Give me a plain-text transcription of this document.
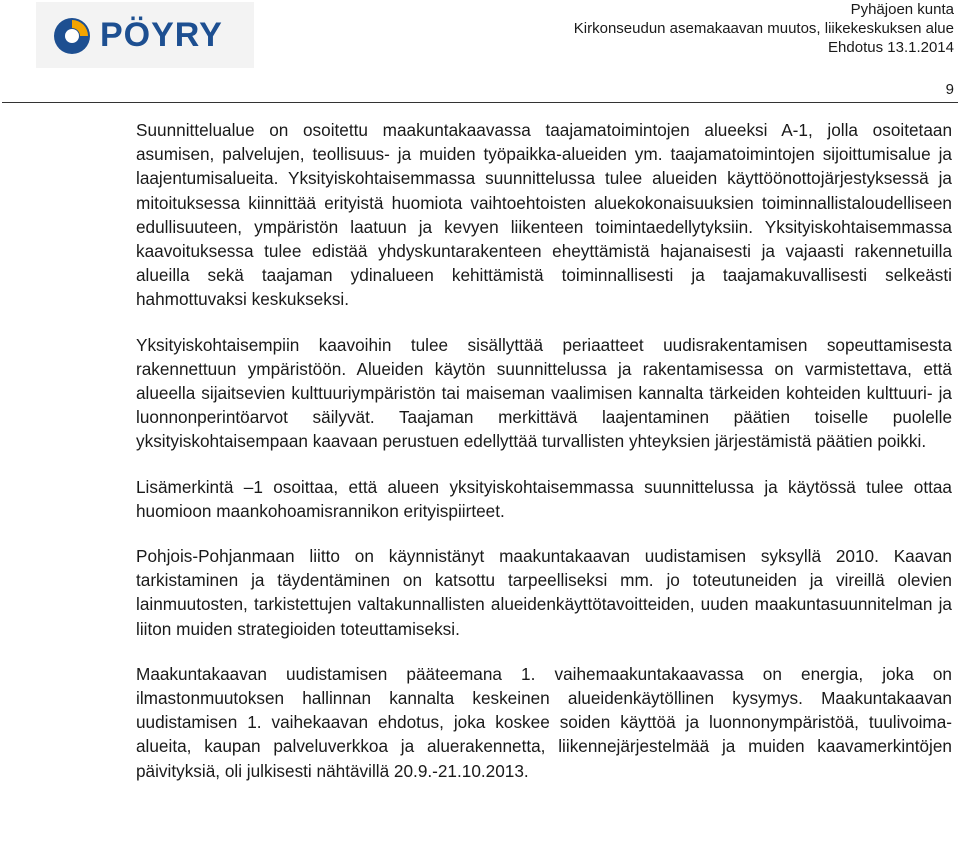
PÖYRY
Pyhäjoen kunta
Kirkonseudun asemakaavan muutos, liikekeskuksen alue
Ehdotus 13.1.2014
9

Suunnittelualue on osoitettu maakuntakaavassa taajamatoimintojen alueeksi A-1, jolla osoitetaan asumisen, palvelujen, teollisuus- ja muiden työpaikka-alueiden ym. taajamatoimintojen sijoittumisalue ja laajentumisalueita. Yksityiskohtaisemmassa suunnittelussa tulee alueiden käyttöönottojärjestyksessä ja mitoituksessa kiinnittää erityistä huomiota vaihtoehtoisten aluekokonaisuuksien toiminnallistaloudelliseen edullisuuteen, ympäristön laatuun ja kevyen liikenteen toimintaedellytyksiin. Yksityiskohtaisemmassa kaavoituksessa tulee edistää yhdyskuntarakenteen eheyttämistä hajanaisesti ja vajaasti rakennetuilla alueilla sekä taajaman ydinalueen kehittämistä toiminnallisesti ja taajamakuvallisesti selkeästi hahmottuvaksi keskukseksi.

Yksityiskohtaisempiin kaavoihin tulee sisällyttää periaatteet uudisrakentamisen sopeuttamisesta rakennettuun ympäristöön. Alueiden käytön suunnittelussa ja rakentamisessa on varmistettava, että alueella sijaitsevien kulttuuriympäristön tai maiseman vaalimisen kannalta tärkeiden kohteiden kulttuuri- ja luonnonperintöarvot säilyvät. Taajaman merkittävä laajentaminen päätien toiselle puolelle yksityiskohtaisempaan kaavaan perustuen edellyttää turvallisten yhteyksien järjestämistä päätien poikki.

Lisämerkintä –1 osoittaa, että alueen yksityiskohtaisemmassa suunnittelussa ja käytössä tulee ottaa huomioon maankohoamisrannikon erityispiirteet.

Pohjois-Pohjanmaan liitto on käynnistänyt maakuntakaavan uudistamisen syksyllä 2010. Kaavan tarkistaminen ja täydentäminen on katsottu tarpeelliseksi mm. jo toteutuneiden ja vireillä olevien lainmuutosten, tarkistettujen valtakunnallisten alueidenkäyttötavoitteiden, uuden maakuntasuunnitelman ja liiton muiden strategioiden toteuttamiseksi.

Maakuntakaavan uudistamisen pääteemana 1. vaihemaakuntakaavassa on energia, joka on ilmastonmuutoksen hallinnan kannalta keskeinen alueidenkäytöllinen kysymys. Maakuntakaavan uudistamisen 1. vaihekaavan ehdotus, joka koskee soiden käyttöä ja luonnonympäristöä, tuulivoima-alueita, kaupan palveluverkkoa ja aluerakennetta, liikennejärjestelmää ja muiden kaavamerkintöjen päivityksiä, oli julkisesti nähtävillä 20.9.-21.10.2013.
